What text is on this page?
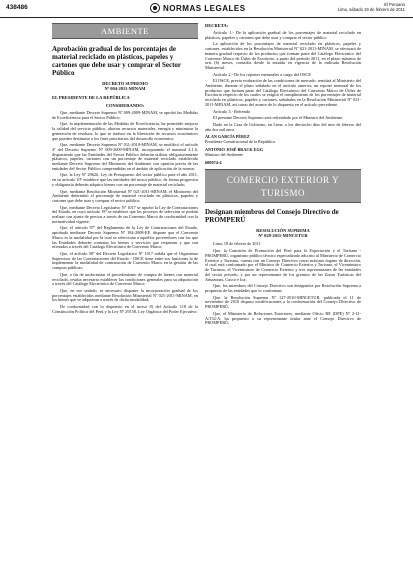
438486	NORMAS LEGALES	El Peruano
Lima, sábado 19 de febrero de 2011
AMBIENTE

Aprobación gradual de los porcentajes de material reciclado en plásticos, papeles y cartones que debe usar y comprar el Sector Público

DECRETO SUPREMO

Nº 004-2011-MINAM

EL PRESIDENTE DE LA REPÚBLICA

CONSIDERANDO:

Que, mediante Decreto Supremo Nº 009-2009-MINAM, se aprobó las Medidas de Ecoeficiencia para el Sector Público;

Que, la implementación de las Medidas de Ecoeficiencia, ha permitido mejorar la calidad del servicio público, ahorrar recursos materiales, energía y minimizar la generación de residuos, lo que se traduce en la liberación de recursos económicos que pueden destinarse a los fines prioritarios del desarrollo económico;

Que, mediante Decreto Supremo Nº 011-2010-MINAM, se modificó el artículo 4º del Decreto Supremo Nº 009-2009-MINAM, incorporando el numeral 4.1.6, disponiendo que las Entidades del Sector Público deberán utilizar obligatoriamente plásticos, papeles, cartones con un porcentaje de material reciclado establecido mediante Decreto Supremo del Ministerio del Ambiente con opinión previa de las entidades del Sector Público comprendidas en el ámbito de aplicación de la norma;

Que, la Ley Nº 29626, Ley de Presupuesto del sector público para el año 2011, en su artículo 10º establece que las entidades del sector público, de forma progresiva y obligatoria deberán adquirir bienes con un porcentaje de material reciclado;

Que, mediante Resolución Ministerial Nº 021-2011-MINAM, el Ministerio del Ambiente determinó el porcentaje de material reciclado en plásticos, papeles y cartones que debe usar y comprar el sector público;

Que, mediante Decreto Legislativo Nº 1017 se aprobó la Ley de Contrataciones del Estado, en cuyo artículo 19º se establece que los procesos de selección se podrán realizar con ajuste de precios a través de un Convenio Marco de conformidad con la normatividad vigente;

Que, el artículo 97º del Reglamento de la Ley de Contrataciones del Estado, aprobado mediante Decreto Supremo Nº 184-2008-EF, dispone que el Convenio Marco es la modalidad por la cual se selecciona a aquellos proveedores con los que las Entidades deberán contratar los bienes y servicios que requieran y que son ofertados a través del Catálogo Electrónico de Convenio Marco;

Que, el artículo 58º del Decreto Legislativo Nº 1017 señala que el Organismo Supervisor de las Contrataciones del Estado - OSCE tiene entre sus funciones la de implementar la modalidad de contratación de Convenio Marco en la gestión de las compras públicas;

Que, a fin de uniformizar el procedimiento de compra de bienes con material reciclado, resulta necesario establecer las condiciones generales para su adquisición a través del Catálogo Electrónico de Convenio Marco;

Que, en ese sentido, es necesario disponer la incorporación gradual de los porcentajes establecidos mediante Resolución Ministerial Nº 021-2011-MINAM, en los bienes que se adquieran a través de dicha modalidad;

De conformidad con lo dispuesto en el inciso 8) del Artículo 118 de la Constitución Política del Perú y la Ley Nº 29158, Ley Orgánica del Poder Ejecutivo;

DECRETA:

Artículo 1.- De la aplicación gradual de los porcentajes de material reciclado en plásticos, papeles y cartones que debe usar y comprar el sector público

La aplicación de los porcentajes de material reciclado en plásticos, papeles y cartones, establecidos en la Resolución Ministerial Nº 021-2011-MINAM, se efectuará de manera gradual respecto de los productos que forman parte del Catálogo Electrónico del Convenio Marco de Útiles de Escritorio, a partir del periodo 2011, en el plazo máximo de seis (6) meses, contados desde la entrada en vigencia de la indicada Resolución Ministerial.

Artículo 2.- De los reportes mensuales a cargo del OSCE

El OSCE, previa evaluación de las condiciones de mercado, remitirá al Ministerio del Ambiente, durante el plazo señalado en el artículo anterior, un reporte mensual de los productos que forman parte del Catálogo Electrónico del Convenio Marco de Útiles de Escritorio respecto de los cuales se exigirá el cumplimiento de los porcentajes de material reciclado en plásticos, papeles y cartones, señalados en la Resolución Ministerial Nº 021-2011-MINAM, así como del avance de lo dispuesto en el artículo precedente.

Artículo 3.- Refrendo

El presente Decreto Supremo será refrendado por el Ministro del Ambiente.

Dado en la Casa de Gobierno, en Lima, a los dieciocho días del mes de febrero del año dos mil once.

ALAN GARCÍA PÉREZ

Presidente Constitucional de la República

ANTONIO JOSÉ BRACK EGG

Ministro del Ambiente

608074-4

COMERCIO EXTERIOR Y TURISMO

Designan miembros del Consejo Directivo de PROMPERÚ

RESOLUCIÓN SUPREMA

Nº 028-2011-MINCETUR

Lima, 18 de febrero de 2011

Que, la Comisión de Promoción del Perú para la Exportación y el Turismo - PROMPERÚ, organismo público técnico especializado adscrito al Ministerio de Comercio Exterior y Turismo, cuenta con un Consejo Directivo como máximo órgano de dirección, el cual está conformado por el Ministro de Comercio Exterior y Turismo, el Viceministro de Turismo, el Viceministro de Comercio Exterior y tres representantes de las entidades del sector privado, y por un representante de los gremios de las Zonas Turísticas del Amazonas, Cusco e Ica;

Que, los miembros del Consejo Directivo son designados por Resolución Suprema a propuesta de las entidades que lo conforman;

Que, la Resolución Suprema Nº 127-2010-MINCETUR, publicada el 11 de noviembre de 2010 dispuso modificaciones a la conformación del Consejo Directivo de PROMPERÚ;

Que, el Ministerio de Relaciones Exteriores, mediante Oficio RE (DPE) Nº 2-11-A/152-A, ha propuesto a su representante titular ante el Consejo Directivo de PROMPERÚ;
